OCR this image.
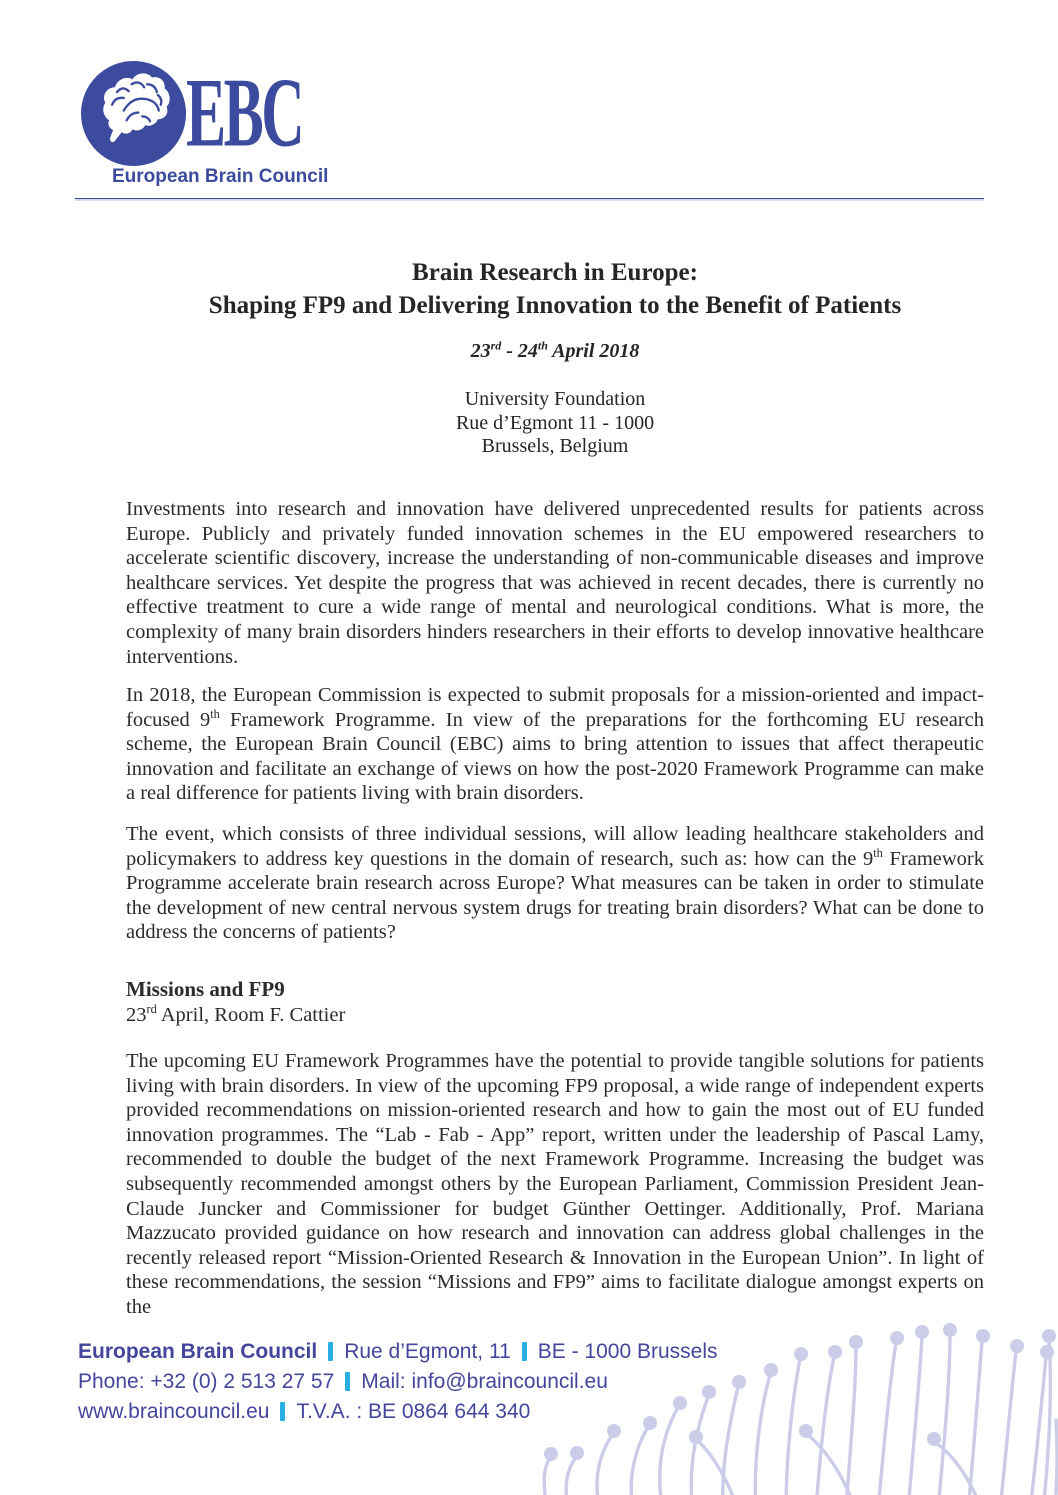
EBC
European Brain Council
Brain Research in Europe:
Shaping FP9 and Delivering Innovation to the Benefit of Patients
23rd - 24th April 2018
University Foundation
Rue d’Egmont 11 - 1000
Brussels, Belgium

Investments into research and innovation have delivered unprecedented results for patients across Europe. Publicly and privately funded innovation schemes in the EU empowered researchers to accelerate scientific discovery, increase the understanding of non-communicable diseases and improve healthcare services. Yet despite the progress that was achieved in recent decades, there is currently no effective treatment to cure a wide range of mental and neurological conditions. What is more, the complexity of many brain disorders hinders researchers in their efforts to develop innovative healthcare interventions.

In 2018, the European Commission is expected to submit proposals for a mission-oriented and impact-focused 9th Framework Programme. In view of the preparations for the forthcoming EU research scheme, the European Brain Council (EBC) aims to bring attention to issues that affect therapeutic innovation and facilitate an exchange of views on how the post-2020 Framework Programme can make a real difference for patients living with brain disorders.

The event, which consists of three individual sessions, will allow leading healthcare stakeholders and policymakers to address key questions in the domain of research, such as: how can the 9th Framework Programme accelerate brain research across Europe? What measures can be taken in order to stimulate the development of new central nervous system drugs for treating brain disorders? What can be done to address the concerns of patients?

Missions and FP9
23rd April, Room F. Cattier

The upcoming EU Framework Programmes have the potential to provide tangible solutions for patients living with brain disorders. In view of the upcoming FP9 proposal, a wide range of independent experts provided recommendations on mission-oriented research and how to gain the most out of EU funded innovation programmes. The “Lab - Fab - App” report, written under the leadership of Pascal Lamy, recommended to double the budget of the next Framework Programme. Increasing the budget was subsequently recommended amongst others by the European Parliament, Commission President Jean-Claude Juncker and Commissioner for budget Günther Oettinger. Additionally, Prof. Mariana Mazzucato provided guidance on how research and innovation can address global challenges in the recently released report “Mission-Oriented Research & Innovation in the European Union”. In light of these recommendations, the session “Missions and FP9” aims to facilitate dialogue amongst experts on the

European Brain Council Rue d’Egmont, 11 BE - 1000 Brussels
Phone: +32 (0) 2 513 27 57 Mail: info@braincouncil.eu
www.braincouncil.eu T.V.A. : BE 0864 644 340
